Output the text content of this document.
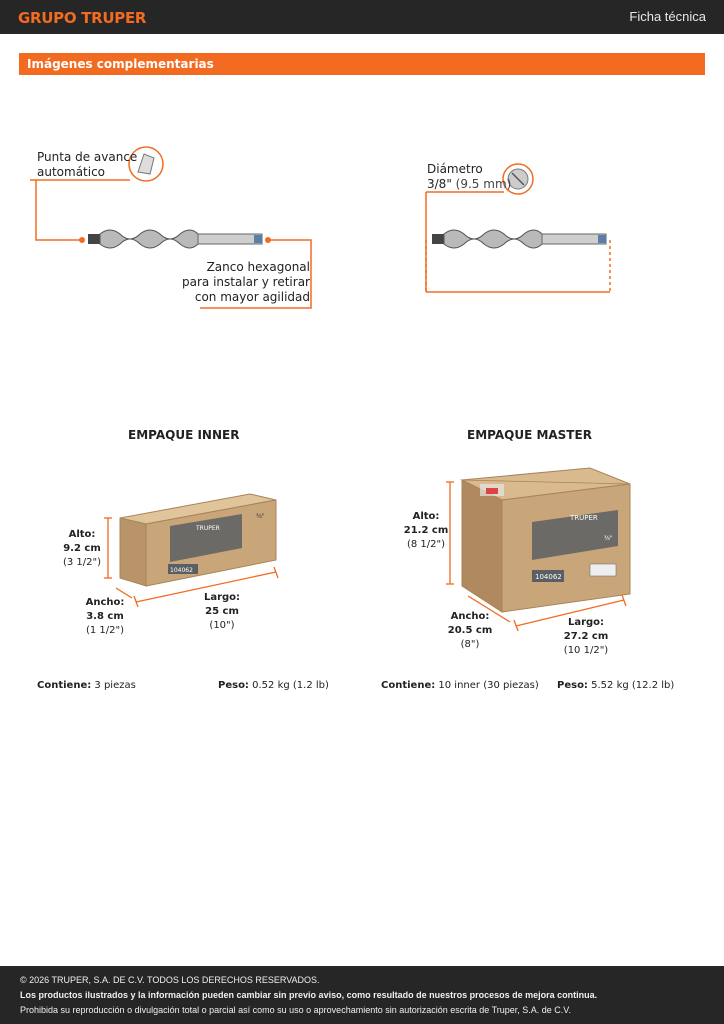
GRUPO TRUPER	Ficha técnica
Imágenes complementarias
Punta de avance
automático
Zanco hexagonal
para instalar y retirar
con mayor agilidad
Diámetro
3/8" (9.5 mm)
EMPAQUE INNER
TRUPER
⅜"
104062
Alto:
9.2 cm
(3 1/2")
Ancho:
3.8 cm
(1 1/2")
Largo:
25 cm
(10")
Contiene: 3 piezas	Peso: 0.52 kg (1.2 lb)
EMPAQUE MASTER
TRUPER
⅜"
104062
Alto:
21.2 cm
(8 1/2")
Ancho:
20.5 cm
(8")
Largo:
27.2 cm
(10 1/2")
Contiene: 10 inner (30 piezas) Peso: 5.52 kg (12.2 lb)
© 2026 TRUPER, S.A. DE C.V. TODOS LOS DERECHOS RESERVADOS.
Los productos ilustrados y la información pueden cambiar sin previo aviso, como resultado de nuestros procesos de mejora continua.
Prohibida su reproducción o divulgación total o parcial así como su uso o aprovechamiento sin autorización escrita de Truper, S.A. de C.V.
